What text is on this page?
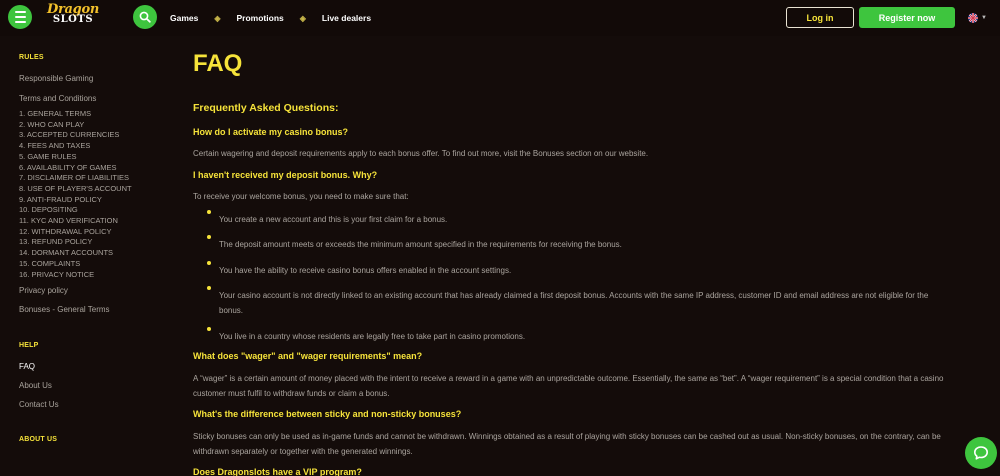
Dragon
SLOTS	Games ◈ Promotions ◈ Live dealers	Log in	Register now	▼
RULES
Responsible Gaming
Terms and Conditions
1. GENERAL TERMS
2. WHO CAN PLAY
3. ACCEPTED CURRENCIES
4. FEES AND TAXES
5. GAME RULES
6. AVAILABILITY OF GAMES
7. DISCLAIMER OF LIABILITIES
8. USE OF PLAYER'S ACCOUNT
9. ANTI-FRAUD POLICY
10. DEPOSITING
11. KYC AND VERIFICATION
12. WITHDRAWAL POLICY
13. REFUND POLICY
14. DORMANT ACCOUNTS
15. COMPLAINTS
16. PRIVACY NOTICE
Privacy policy
Bonuses - General Terms
HELP
FAQ
About Us
Contact Us
ABOUT US
FAQ
Frequently Asked Questions:
How do I activate my casino bonus?
Certain wagering and deposit requirements apply to each bonus offer. To find out more, visit the Bonuses section on our website.
I haven't received my deposit bonus. Why?
To receive your welcome bonus, you need to make sure that:
You create a new account and this is your first claim for a bonus.
The deposit amount meets or exceeds the minimum amount specified in the requirements for receiving the bonus.
You have the ability to receive casino bonus offers enabled in the account settings.
Your casino account is not directly linked to an existing account that has already claimed a first deposit bonus. Accounts with the same IP address, customer ID and email address are not eligible for the bonus.
You live in a country whose residents are legally free to take part in casino promotions.
What does "wager" and "wager requirements" mean?
A “wager” is a certain amount of money placed with the intent to receive a reward in a game with an unpredictable outcome. Essentially, the same as “bet”. A “wager requirement” is a special condition that a casino customer must fulfil to withdraw funds or claim a bonus.
What's the difference between sticky and non-sticky bonuses?
Sticky bonuses can only be used as in-game funds and cannot be withdrawn. Winnings obtained as a result of playing with sticky bonuses can be cashed out as usual. Non-sticky bonuses, on the contrary, can be withdrawn separately or together with the generated winnings.
Does Dragonslots have a VIP program?
